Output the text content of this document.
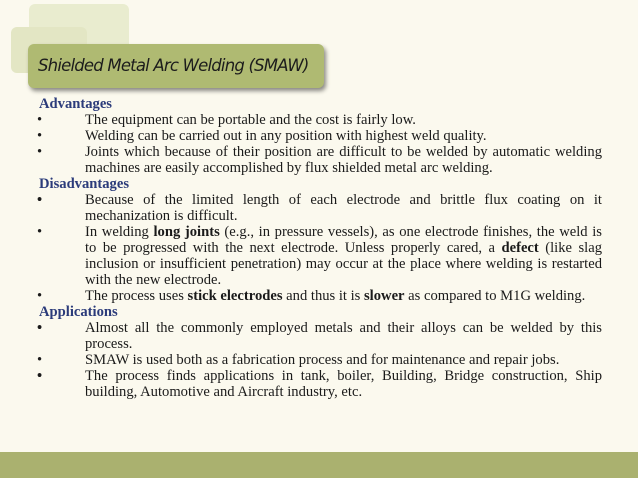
Shielded Metal Arc Welding (SMAW)
Advantages
•	The equipment can be portable and the cost is fairly low.
•	Welding can be carried out in any position with highest weld quality.
•	Joints which because of their position are difficult to be welded by automatic welding machines are easily accomplished by flux shielded metal arc welding.
Disadvantages
•	Because of the limited length of each electrode and brittle flux coating on it mechanization is difficult.
•	In welding long joints (e.g., in pressure vessels), as one electrode finishes, the weld is to be progressed with the next electrode. Unless properly cared, a defect (like slag inclusion or insufficient penetration) may occur at the place where welding is restarted with the new electrode.
•	The process uses stick electrodes and thus it is slower as compared to M1G welding.
Applications
•	Almost all the commonly employed metals and their alloys can be welded by this process.
•	SMAW is used both as a fabrication process and for maintenance and repair jobs.
•	The process finds applications in tank, boiler, Building, Bridge construction, Ship building, Automotive and Aircraft industry, etc.
